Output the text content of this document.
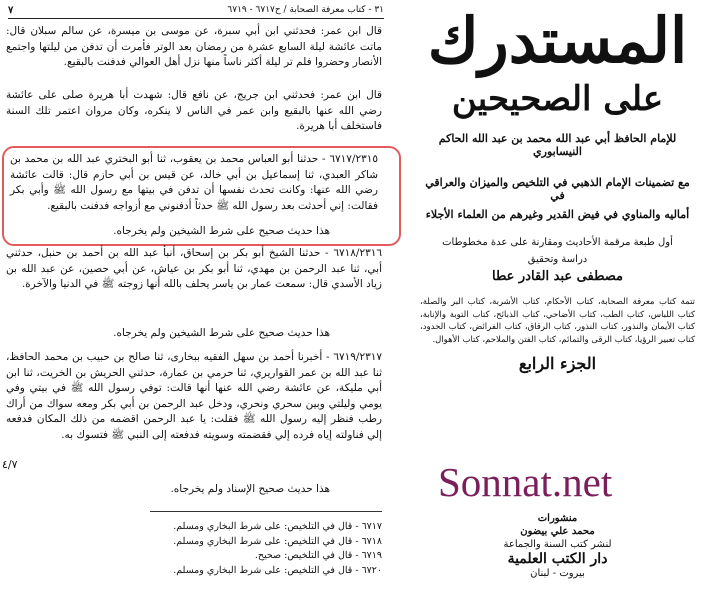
٣١ - كتاب معرفة الصحابة / ح٦٧١٧ - ٦٧١٩
٧
قال ابن عمر: فحدثني ابن أبي سبرة، عن موسى بن ميسرة، عن سالم سبلان قال: ماتت عائشة ليلة السابع عشرة من رمضان بعد الوتر فأمرت أن تدفن من ليلتها واجتمع الأنصار وحضروا فلم تر ليلة أكثر ناساً منها نزل أهل العوالي فدفنت بالبقيع.
قال ابن عمر: فحدثني ابن جريج، عن نافع قال: شهدت أبا هريرة صلى على عائشة رضي الله عنها بالبقيع وابن عمر في الناس لا ينكره، وكان مروان اعتمر تلك السنة فاستخلف أبا هريرة.
٦٧١٧/٢٣١٥ - حدثنا أبو العباس محمد بن يعقوب، ثنا أبو البختري عبد الله بن محمد بن شاكر العبدي، ثنا إسماعيل بن أبي خالد، عن قيس بن أبي حازم قال: قالت عائشة رضي الله عنها: وكانت تحدث نفسها أن تدفن في بيتها مع رسول الله ﷺ وأبي بكر فقالت: إني أحدثت بعد رسول الله ﷺ حدثاً أدفنوني مع أزواجه فدفنت بالبقيع.
هذا حديث صحيح على شرط الشيخين ولم يخرجاه.
٦٧١٨/٢٣١٦ - حدثنا الشيخ أبو بكر بن إسحاق، أنبأ عبد الله بن أحمد بن حنبل، حدثني أبي، ثنا عبد الرحمن بن مهدي، ثنا أبو بكر بن عياش، عن أبي حصين، عن عبد الله بن زياد الأسدي قال: سمعت عمار بن ياسر يحلف بالله أنها زوجته ﷺ في الدنيا والآخرة.
هذا حديث صحيح على شرط الشيخين ولم يخرجاه.
٦٧١٩/٢٣١٧ - أخبرنا أحمد بن سهل الفقيه ببخارى، ثنا صالح بن حبيب بن محمد الحافظ، ثنا عبد الله بن عمر القواريري، ثنا حرمي بن عمارة، حدثني الحريش بن الخريت، ثنا ابن أبي مليكة، عن عائشة رضي الله عنها أنها قالت: توفي رسول الله ﷺ في بيتي وفي يومي وليلتي وبين سحري ونحري، ودخل عبد الرحمن بن أبي بكر ومعه سواك من أراك رطب فنظر إليه رسول الله ﷺ فقلت: يا عبد الرحمن اقضمه من ذلك المكان فدفعه إلي فناولته إياه فرده إلي فقضمته وسويته فدفعته إلى النبي ﷺ فتسوك به.
هذا حديث صحيح الإسناد ولم يخرجاه.
٤/٧
٦٧١٧ - قال في التلخيص: على شرط البخاري ومسلم.
٦٧١٨ - قال في التلخيص: على شرط البخاري ومسلم.
٦٧١٩ - قال في التلخيص: صحيح.
٦٧٢٠ - قال في التلخيص: على شرط البخاري ومسلم.
المستدرك
على الصحيحين
للإمام الحافظ أبي عبد الله محمد بن عبد الله الحاكم النيسابوري
مع تضمينات الإمام الذهبي في التلخيص والميزان والعراقي في
أماليه والمناوي في فيض القدير وغيرهم من العلماء الأجلاء
أول طبعة مرقمة الأحاديث ومقارنة على عدة مخطوطات
دراسة وتحقيق
مصطفى عبد القادر عطا
تتمة كتاب معرفة الصحابة، كتاب الأحكام، كتاب الأشربة، كتاب البر والصلة، كتاب اللباس، كتاب الطب، كتاب الأضاحي، كتاب الذبائح، كتاب التوبة والإنابة، كتاب الأيمان والنذور، كتاب النذور، كتاب الرقاق، كتاب الفرائض، كتاب الحدود، كتاب تعبير الرؤيا، كتاب الرقى والتمائم، كتاب الفتن والملاحم، كتاب الأهوال.
الجزء الرابع
Sonnat.net
منشورات
محمد علي بيضون
لنشر كتب السنة والجماعة
دار الكتب العلمية
بيروت - لبنان
